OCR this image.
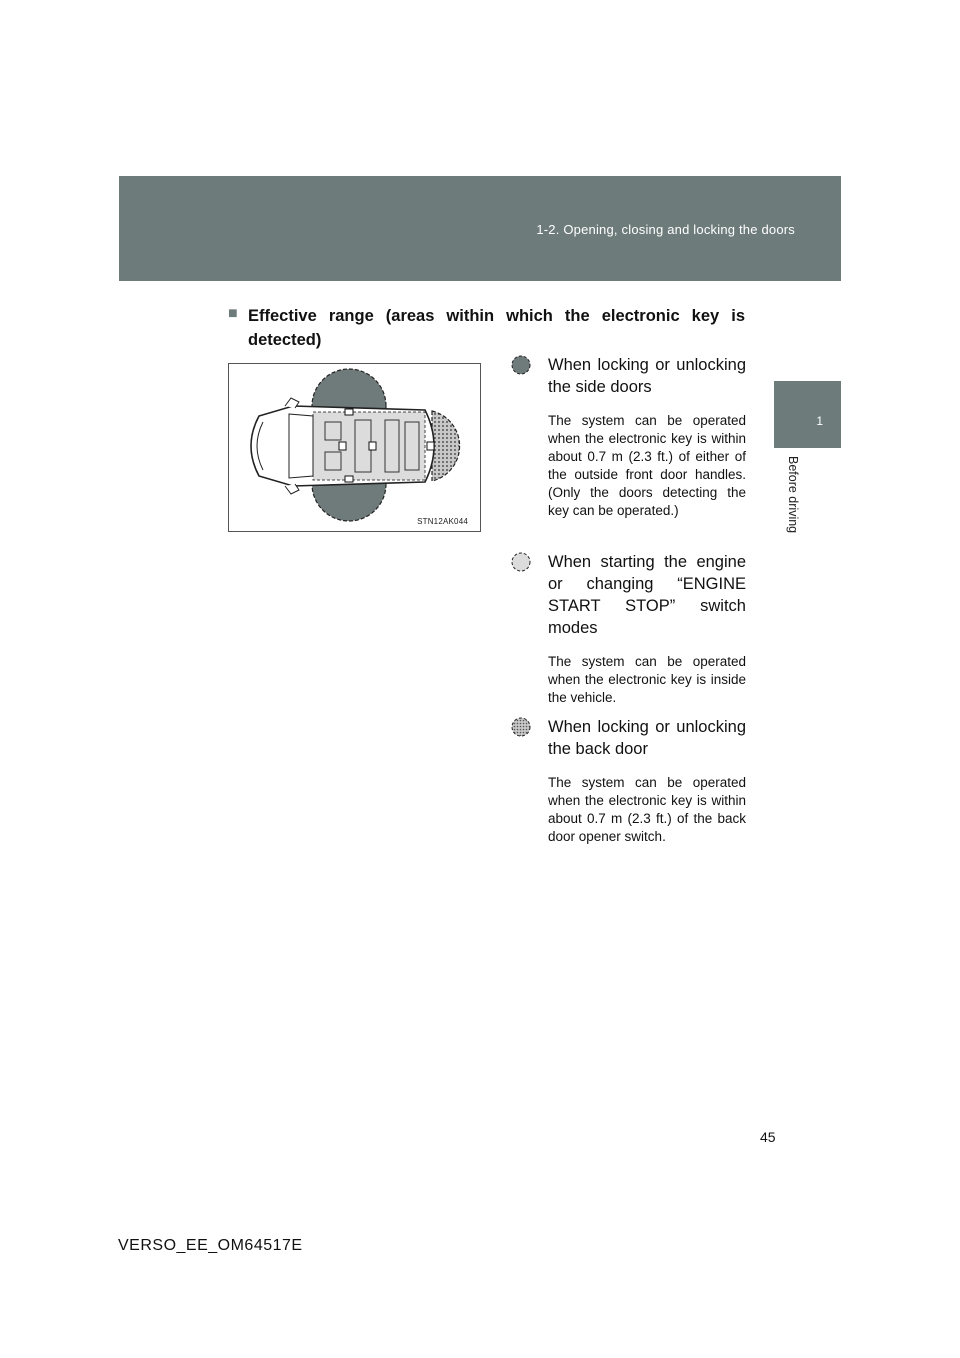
1-2. Opening, closing and locking the doors
1
Before driving
■ Effective range (areas within which the electronic key is detected)
STN12AK044
When locking or unlocking the side doors
The system can be operated when the electronic key is within about 0.7 m (2.3 ft.) of either of the outside front door handles. (Only the doors detecting the key can be operated.)
When starting the engine or changing “ENGINE START STOP” switch modes
The system can be operated when the electronic key is inside the vehicle.
When locking or unlocking the back door
The system can be operated when the electronic key is within about 0.7 m (2.3 ft.) of the back door opener switch.
45
VERSO_EE_OM64517E
